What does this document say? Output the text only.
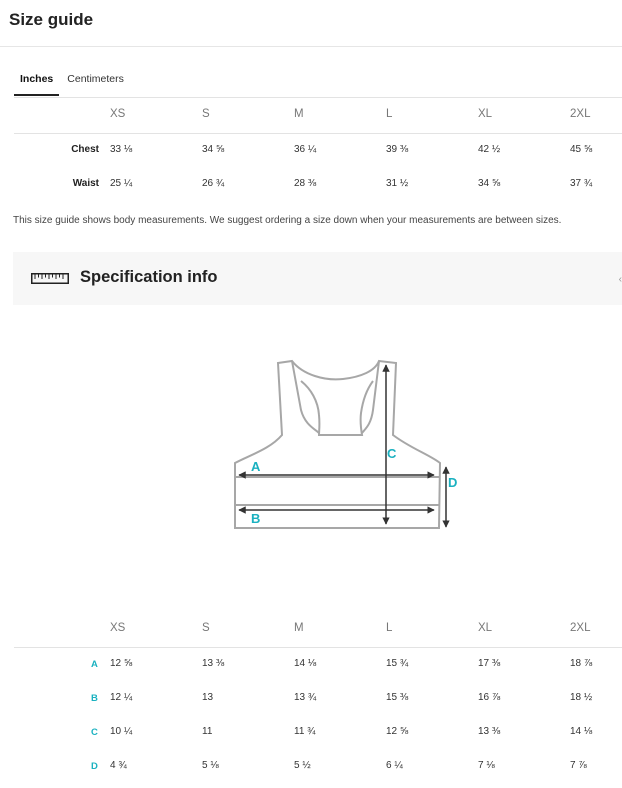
Size guide
Inches	Centimeters
XS	S	M	L	XL	2XL
Chest 33 ⅛	34 ⅝	36 ¼	39 ⅜	42 ½	45 ⅝
Waist 25 ¼	26 ¾	28 ⅜	31 ½	34 ⅝	37 ¾
This size guide shows body measurements. We suggest ordering a size down when your measurements are between sizes.
Specification info	‹
A
B
C
D
XS	S	M	L	XL	2XL
A 12 ⅝	13 ⅜	14 ⅛	15 ¾	17 ⅜	18 ⅞
B 12 ¼	13	13 ¾	15 ⅜	16 ⅞	18 ½
C 10 ¼	11	11 ¾	12 ⅝	13 ⅜	14 ⅛
D 4 ¾	5 ⅛	5 ½	6 ¼	7 ⅛	7 ⅞
